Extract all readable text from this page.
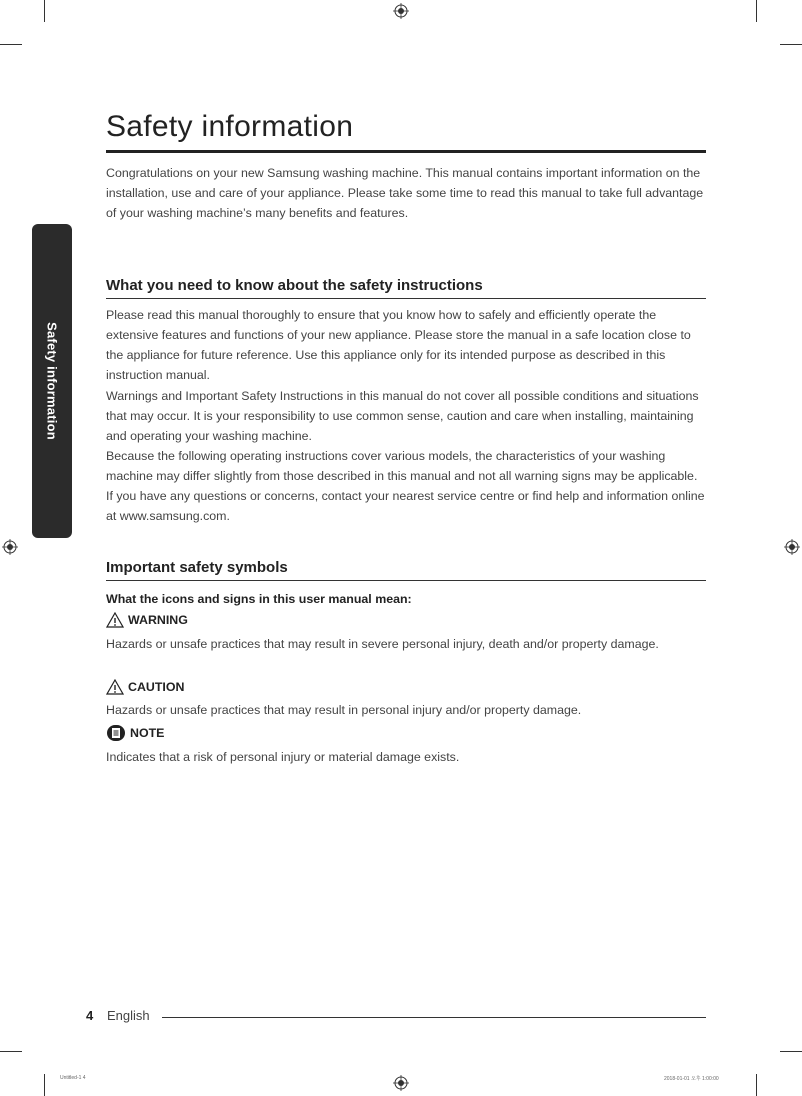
Safety information
Safety information

Congratulations on your new Samsung washing machine. This manual contains important information on the installation, use and care of your appliance. Please take some time to read this manual to take full advantage of your washing machine’s many benefits and features.

What you need to know about the safety instructions

Please read this manual thoroughly to ensure that you know how to safely and efficiently operate the extensive features and functions of your new appliance. Please store the manual in a safe location close to the appliance for future reference. Use this appliance only for its intended purpose as described in this instruction manual.

Warnings and Important Safety Instructions in this manual do not cover all possible conditions and situations that may occur. It is your responsibility to use common sense, caution and care when installing, maintaining and operating your washing machine.

Because the following operating instructions cover various models, the characteristics of your washing machine may differ slightly from those described in this manual and not all warning signs may be applicable. If you have any questions or concerns, contact your nearest service centre or find help and information online at www.samsung.com.

Important safety symbols
What the icons and signs in this user manual mean:
WARNING

Hazards or unsafe practices that may result in severe personal injury, death and/or property damage.

CAUTION

Hazards or unsafe practices that may result in personal injury and/or property damage.

NOTE

Indicates that a risk of personal injury or material damage exists.

4 English
Untitled-1 4	2018-01-01 오후 1:00:00
